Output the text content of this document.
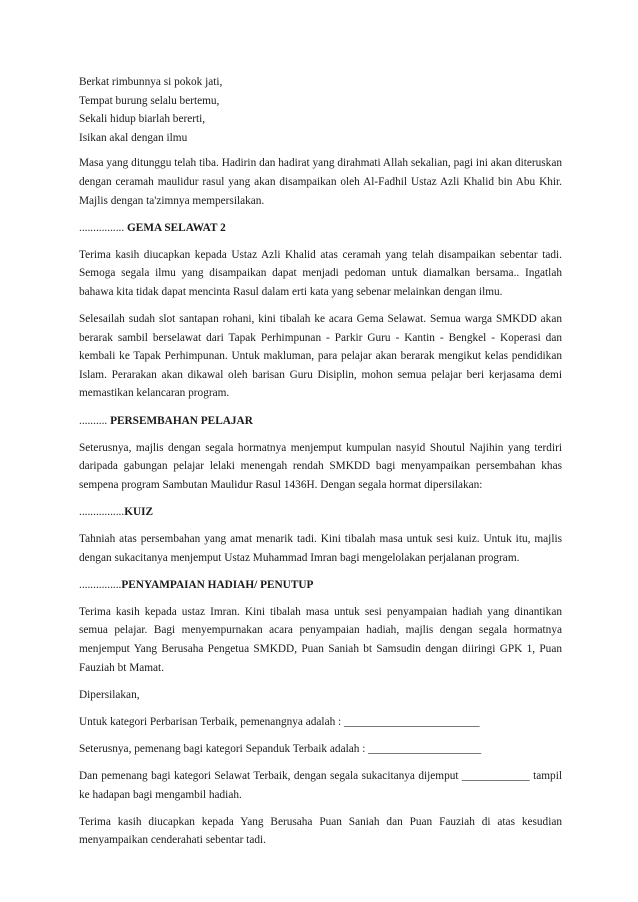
Berkat rimbunnya si pokok jati,
Tempat burung selalu bertemu,
Sekali hidup biarlah bererti,
Isikan akal dengan ilmu

Masa yang ditunggu telah tiba. Hadirin dan hadirat yang dirahmati Allah sekalian, pagi ini akan diteruskan dengan ceramah maulidur rasul yang akan disampaikan oleh Al-Fadhil Ustaz Azli Khalid bin Abu Khir. Majlis dengan ta'zimnya mempersilakan.

................ GEMA SELAWAT 2

Terima kasih diucapkan kepada Ustaz Azli Khalid atas ceramah yang telah disampaikan sebentar tadi. Semoga segala ilmu yang disampaikan dapat menjadi pedoman untuk diamalkan bersama.. Ingatlah bahawa kita tidak dapat mencinta Rasul dalam erti kata yang sebenar melainkan dengan ilmu.

Selesailah sudah slot santapan rohani, kini tibalah ke acara Gema Selawat. Semua warga SMKDD akan berarak sambil berselawat dari Tapak Perhimpunan - Parkir Guru - Kantin - Bengkel - Koperasi dan kembali ke Tapak Perhimpunan. Untuk makluman, para pelajar akan berarak mengikut kelas pendidikan Islam. Perarakan akan dikawal oleh barisan Guru Disiplin, mohon semua pelajar beri kerjasama demi memastikan kelancaran program.

.......... PERSEMBAHAN PELAJAR

Seterusnya, majlis dengan segala hormatnya menjemput kumpulan nasyid Shoutul Najihin yang terdiri daripada gabungan pelajar lelaki menengah rendah SMKDD bagi menyampaikan persembahan khas sempena program Sambutan Maulidur Rasul 1436H. Dengan segala hormat dipersilakan:

................KUIZ

Tahniah atas persembahan yang amat menarik tadi. Kini tibalah masa untuk sesi kuiz. Untuk itu, majlis dengan sukacitanya menjemput Ustaz Muhammad Imran bagi mengelolakan perjalanan program.

...............PENYAMPAIAN HADIAH/ PENUTUP

Terima kasih kepada ustaz Imran. Kini tibalah masa untuk sesi penyampaian hadiah yang dinantikan semua pelajar. Bagi menyempurnakan acara penyampaian hadiah, majlis dengan segala hormatnya menjemput Yang Berusaha Pengetua SMKDD, Puan Saniah bt Samsudin dengan diiringi GPK 1, Puan Fauziah bt Mamat.

Dipersilakan,

Untuk kategori Perbarisan Terbaik, pemenangnya adalah : ________________________

Seterusnya, pemenang bagi kategori Sepanduk Terbaik adalah : ____________________

Dan pemenang bagi kategori Selawat Terbaik, dengan segala sukacitanya dijemput ____________ tampil ke hadapan bagi mengambil hadiah.

Terima kasih diucapkan kepada Yang Berusaha Puan Saniah dan Puan Fauziah di atas kesudian menyampaikan cenderahati sebentar tadi.
